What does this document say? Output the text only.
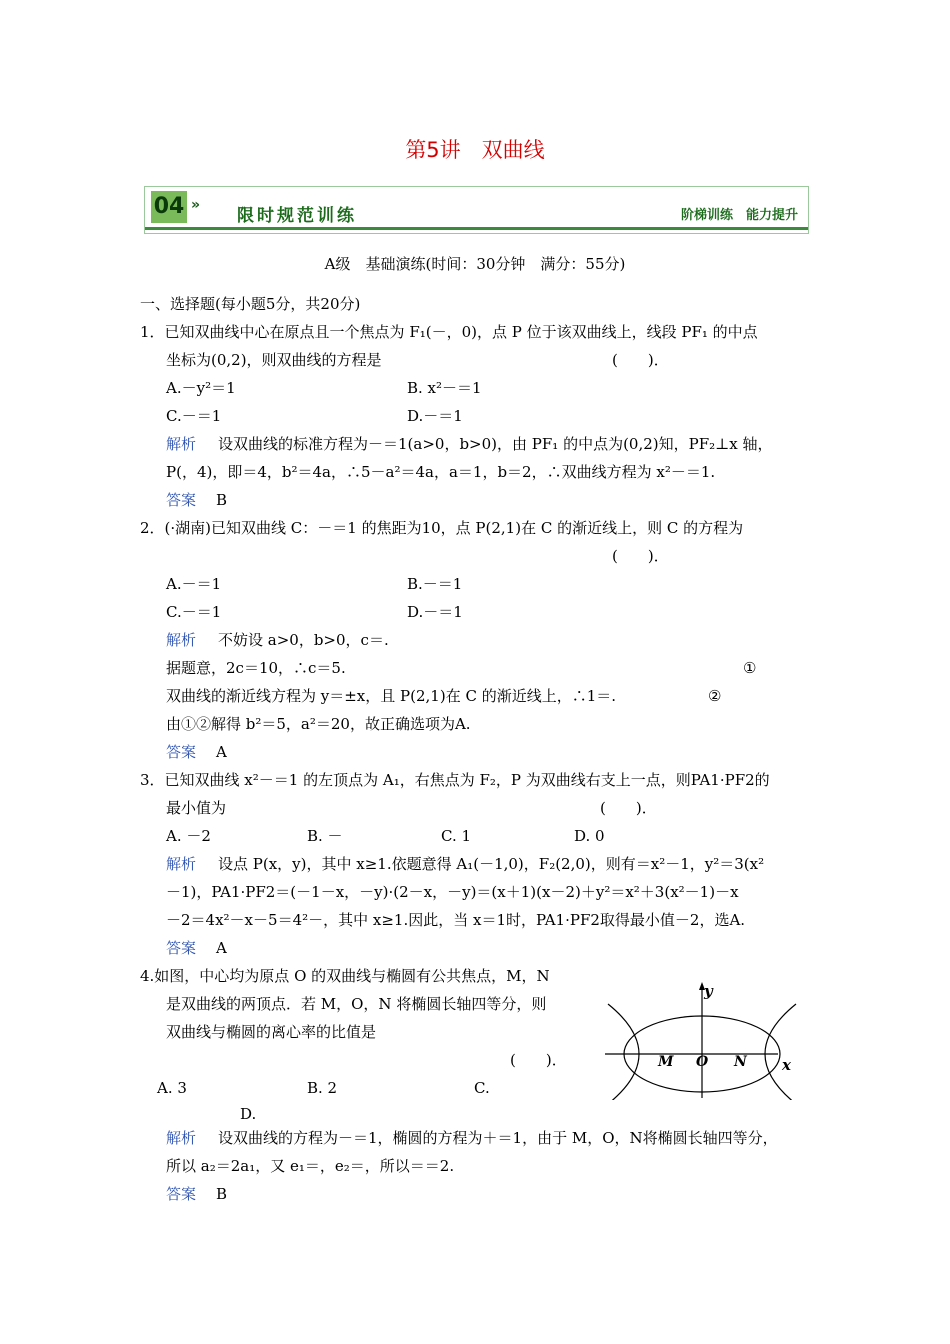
第5讲　双曲线
04 »
限时规范训练	阶梯训练　能力提升
A级　基础演练(时间：30分钟　满分：55分)
一、选择题(每小题5分，共20分)
1．已知双曲线中心在原点且一个焦点为 F₁(－，0)，点 P 位于该双曲线上，线段 PF₁ 的中点
坐标为(0,2)，则双曲线的方程是	(　　)．
A.－y²＝1	B. x²－＝1
C.－＝1	D.－＝1
解析 设双曲线的标准方程为－＝1(a>0，b>0)，由 PF₁ 的中点为(0,2)知，PF₂⊥x 轴，
P(，4)，即＝4，b²＝4a，∴5－a²＝4a，a＝1，b＝2，∴双曲线方程为 x²－＝1.
答案 B
2．(·湖南)已知双曲线 C：－＝1 的焦距为10，点 P(2,1)在 C 的渐近线上，则 C 的方程为
(　　)．
A.－＝1	B.－＝1
C.－＝1	D.－＝1
解析 不妨设 a>0，b>0，c＝.
据题意，2c＝10，∴c＝5.	①
双曲线的渐近线方程为 y＝±x，且 P(2,1)在 C 的渐近线上，∴1＝.	②
由①②解得 b²＝5，a²＝20，故正确选项为A.
答案 A
3．已知双曲线 x²－＝1 的左顶点为 A₁，右焦点为 F₂，P 为双曲线右支上一点，则PA1·PF2的
最小值为	(　　)．
A. －2	B. －	C. 1	D. 0
解析 设点 P(x，y)，其中 x≥1.依题意得 A₁(－1,0)，F₂(2,0)，则有＝x²－1，y²＝3(x²
－1)，PA1·PF2＝(－1－x，－y)·(2－x，－y)＝(x＋1)(x－2)＋y²＝x²＋3(x²－1)－x
－2＝4x²－x－5＝4²－，其中 x≥1.因此，当 x＝1时，PA1·PF2取得最小值－2，选A.
答案 A
4.如图，中心均为原点 O 的双曲线与椭圆有公共焦点，M，N
是双曲线的两顶点．若 M，O，N 将椭圆长轴四等分，则
双曲线与椭圆的离心率的比值是
(　　)．
A. 3	B. 2	C.
D.
y
x
M O N
解析 设双曲线的方程为－＝1，椭圆的方程为＋＝1，由于 M，O，N将椭圆长轴四等分，
所以 a₂＝2a₁，又 e₁＝，e₂＝，所以＝＝2.
答案 B
